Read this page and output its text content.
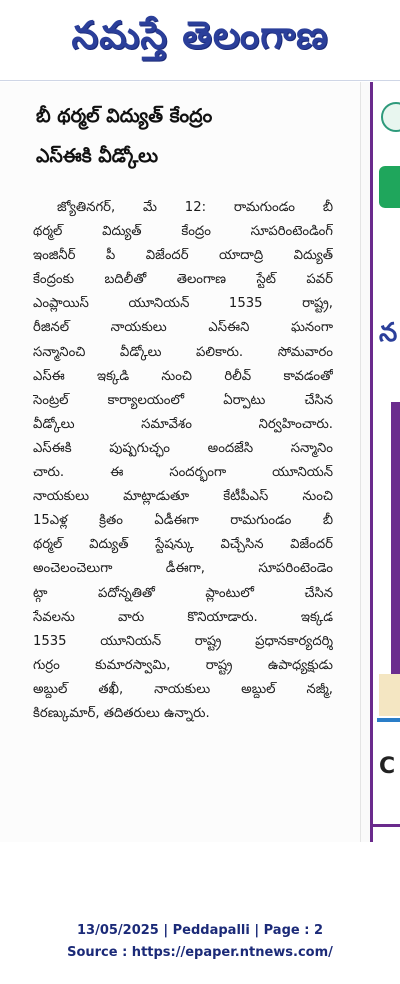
నమస్తే తెలంగాణ
బీ థర్మల్ విద్యుత్ కేంద్రం
ఎస్ఈకి వీడ్కోలు
జ్యోతినగర్, మే 12: రామగుండం బీ
థర్మల్ విద్యుత్ కేంద్రం సూపరింటెండింగ్
ఇంజినీర్ పీ విజేందర్ యాదాద్రి విద్యుత్
కేంద్రంకు బదిలీతో తెలంగాణ స్టేట్ పవర్
ఎంప్లాయిస్ యూనియన్ 1535 రాష్ట్ర,
రీజినల్ నాయకులు ఎస్ఈని ఘనంగా
సన్మానించి వీడ్కోలు పలికారు. సోమవారం
ఎస్ఈ ఇక్కడి నుంచి రిలీవ్ కావడంతో
సెంట్రల్ కార్యాలయంలో ఏర్పాటు చేసిన
వీడ్కోలు సమావేశం నిర్వహించారు.
ఎస్ఈకి పుష్పగుచ్ఛం అందజేసి సన్మానిం
చారు. ఈ సందర్భంగా యూనియన్
నాయకులు మాట్లాడుతూ కేటీపీఎస్ నుంచి
15ఎళ్ల క్రితం ఏడీఈగా రామగుండం బీ
థర్మల్ విద్యుత్ స్టేషన్కు విచ్చేసిన విజేందర్
అంచెలంచెలుగా డీఈగా, సూపరింటెండెం
ట్గా పదోన్నతితో ప్లాంటులో చేసిన
సేవలను వారు కొనియాడారు. ఇక్కడ
1535 యూనియన్ రాష్ట్ర ప్రధానకార్యదర్శి
గుర్రం కుమారస్వామి, రాష్ట్ర ఉపాధ్యక్షుడు
అబ్దుల్ తఖీ, నాయకులు అబ్దుల్ నజ్మీ,
కిరణ్కుమార్, తదితరులు ఉన్నారు.
న
C
13/05/2025 | Peddapalli | Page : 2
Source : https://epaper.ntnews.com/
